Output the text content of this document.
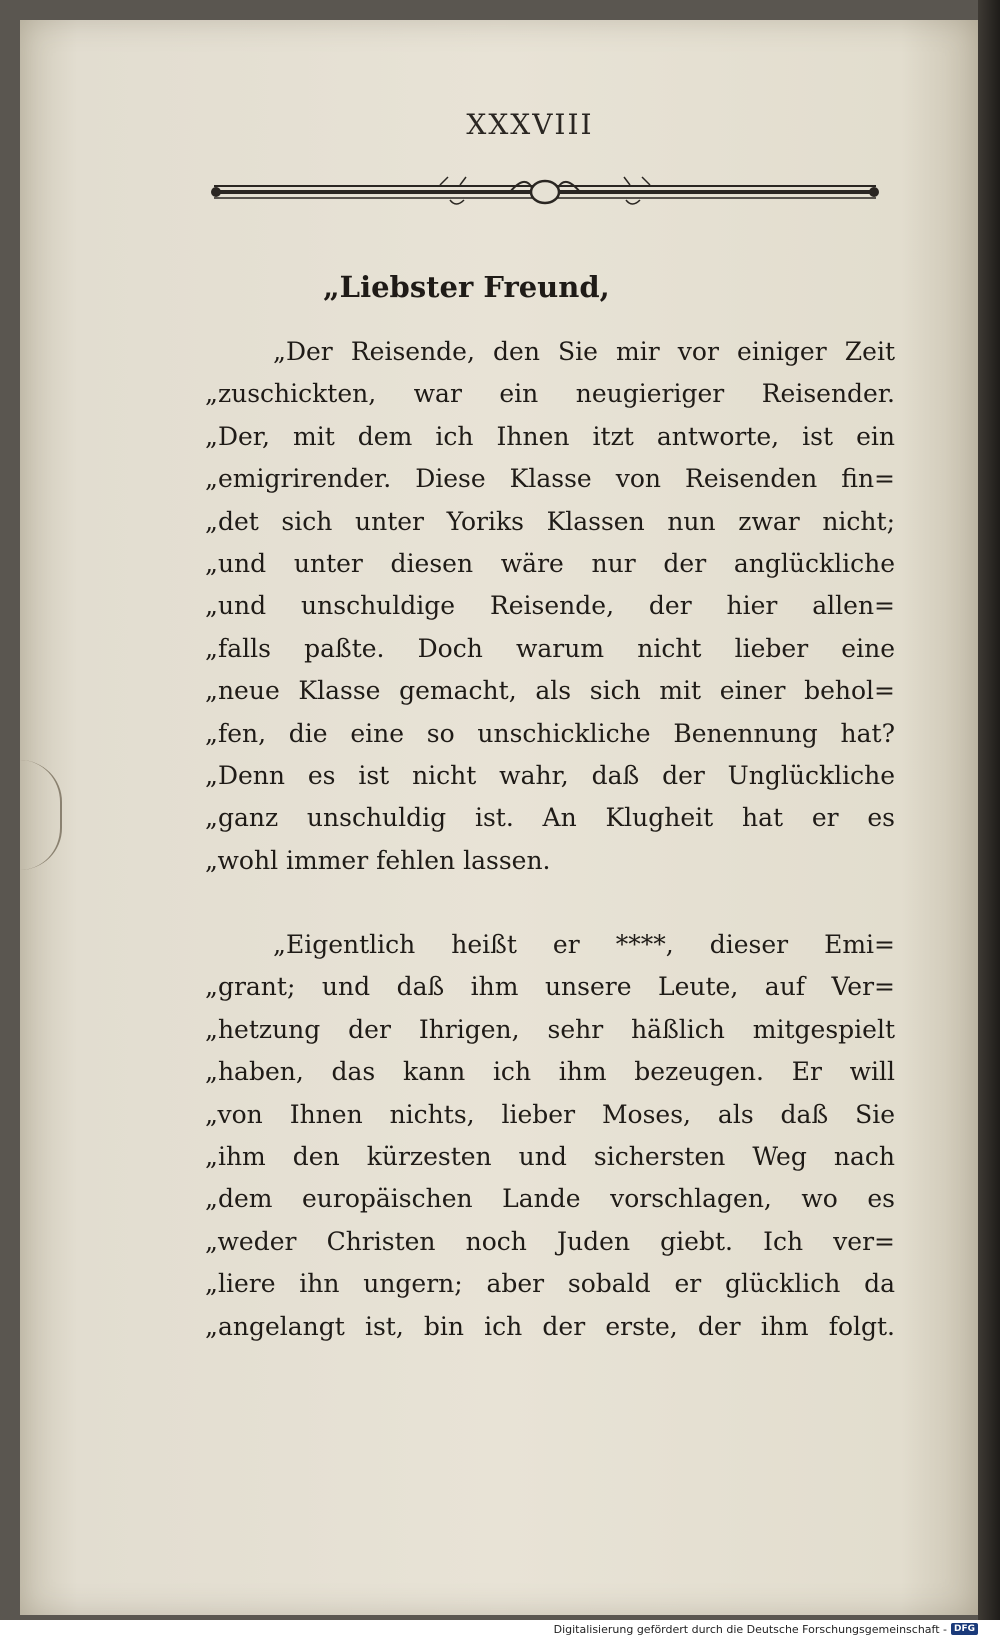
XXXVIII
„Liebster Freund,
„Der Reisende, den Sie mir vor einiger Zeit
„zuschickten, war ein neugieriger Reisender.
„Der, mit dem ich Ihnen itzt antworte, ist ein
„emigrirender. Diese Klasse von Reisenden fin=
„det sich unter Yoriks Klassen nun zwar nicht;
„und unter diesen wäre nur der anglückliche
„und unschuldige Reisende, der hier allen=
„falls paßte. Doch warum nicht lieber eine
„neue Klasse gemacht, als sich mit einer behol=
„fen, die eine so unschickliche Benennung hat?
„Denn es ist nicht wahr, daß der Unglückliche
„ganz unschuldig ist. An Klugheit hat er es
„wohl immer fehlen lassen.
„Eigentlich heißt er ****, dieser Emi=
„grant; und daß ihm unsere Leute, auf Ver=
„hetzung der Ihrigen, sehr häßlich mitgespielt
„haben, das kann ich ihm bezeugen. Er will
„von Ihnen nichts, lieber Moses, als daß Sie
„ihm den kürzesten und sichersten Weg nach
„dem europäischen Lande vorschlagen, wo es
„weder Christen noch Juden giebt. Ich ver=
„liere ihn ungern; aber sobald er glücklich da
„angelangt ist, bin ich der erste, der ihm folgt.
Digitalisierung gefördert durch die Deutsche Forschungsgemeinschaft - DFG
